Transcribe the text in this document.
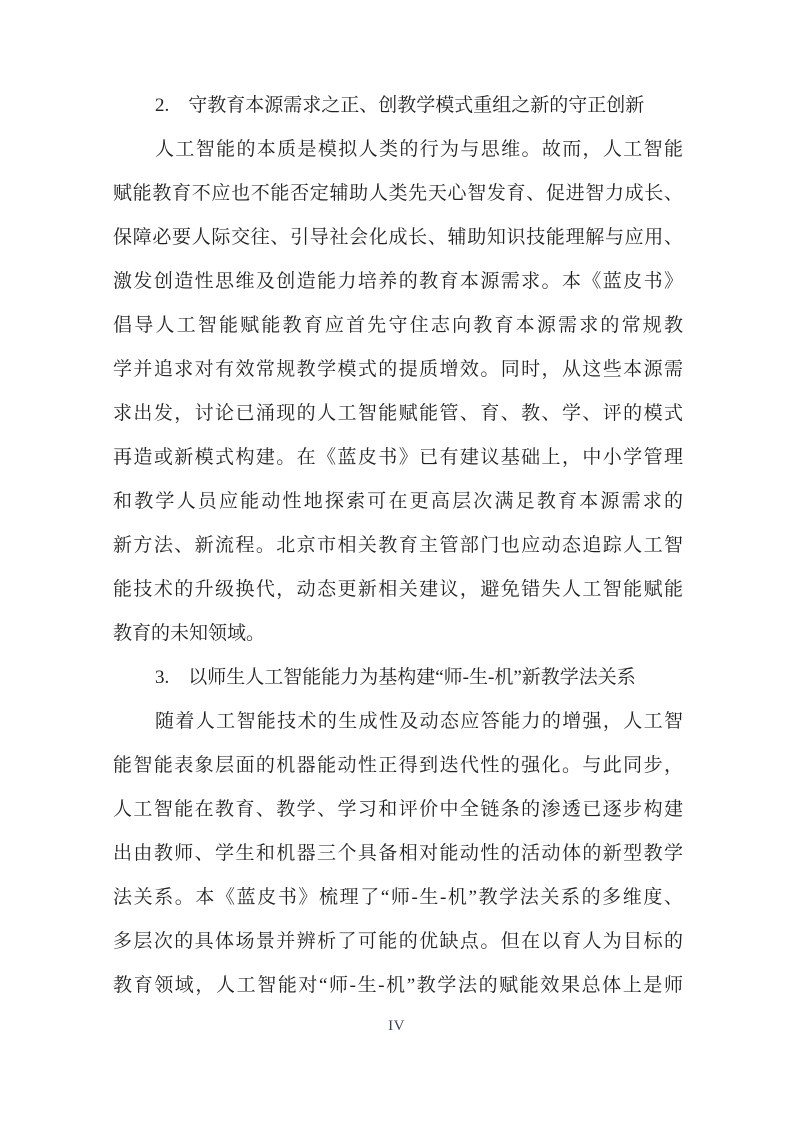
2.　守教育本源需求之正、创教学模式重组之新的守正创新
人工智能的本质是模拟人类的行为与思维。故而，人工智能
赋能教育不应也不能否定辅助人类先天心智发育、促进智力成长、
保障必要人际交往、引导社会化成长、辅助知识技能理解与应用、
激发创造性思维及创造能力培养的教育本源需求。本《蓝皮书》
倡导人工智能赋能教育应首先守住志向教育本源需求的常规教
学并追求对有效常规教学模式的提质增效。同时，从这些本源需
求出发，讨论已涌现的人工智能赋能管、育、教、学、评的模式
再造或新模式构建。在《蓝皮书》已有建议基础上，中小学管理
和教学人员应能动性地探索可在更高层次满足教育本源需求的
新方法、新流程。北京市相关教育主管部门也应动态追踪人工智
能技术的升级换代，动态更新相关建议，避免错失人工智能赋能
教育的未知领域。
3.　以师生人工智能能力为基构建“师-生-机”新教学法关系
随着人工智能技术的生成性及动态应答能力的增强，人工智
能智能表象层面的机器能动性正得到迭代性的强化。与此同步，
人工智能在教育、教学、学习和评价中全链条的渗透已逐步构建
出由教师、学生和机器三个具备相对能动性的活动体的新型教学
法关系。本《蓝皮书》梳理了“师-生-机”教学法关系的多维度、
多层次的具体场景并辨析了可能的优缺点。但在以育人为目标的
教育领域，人工智能对“师-生-机”教学法的赋能效果总体上是师
IV
